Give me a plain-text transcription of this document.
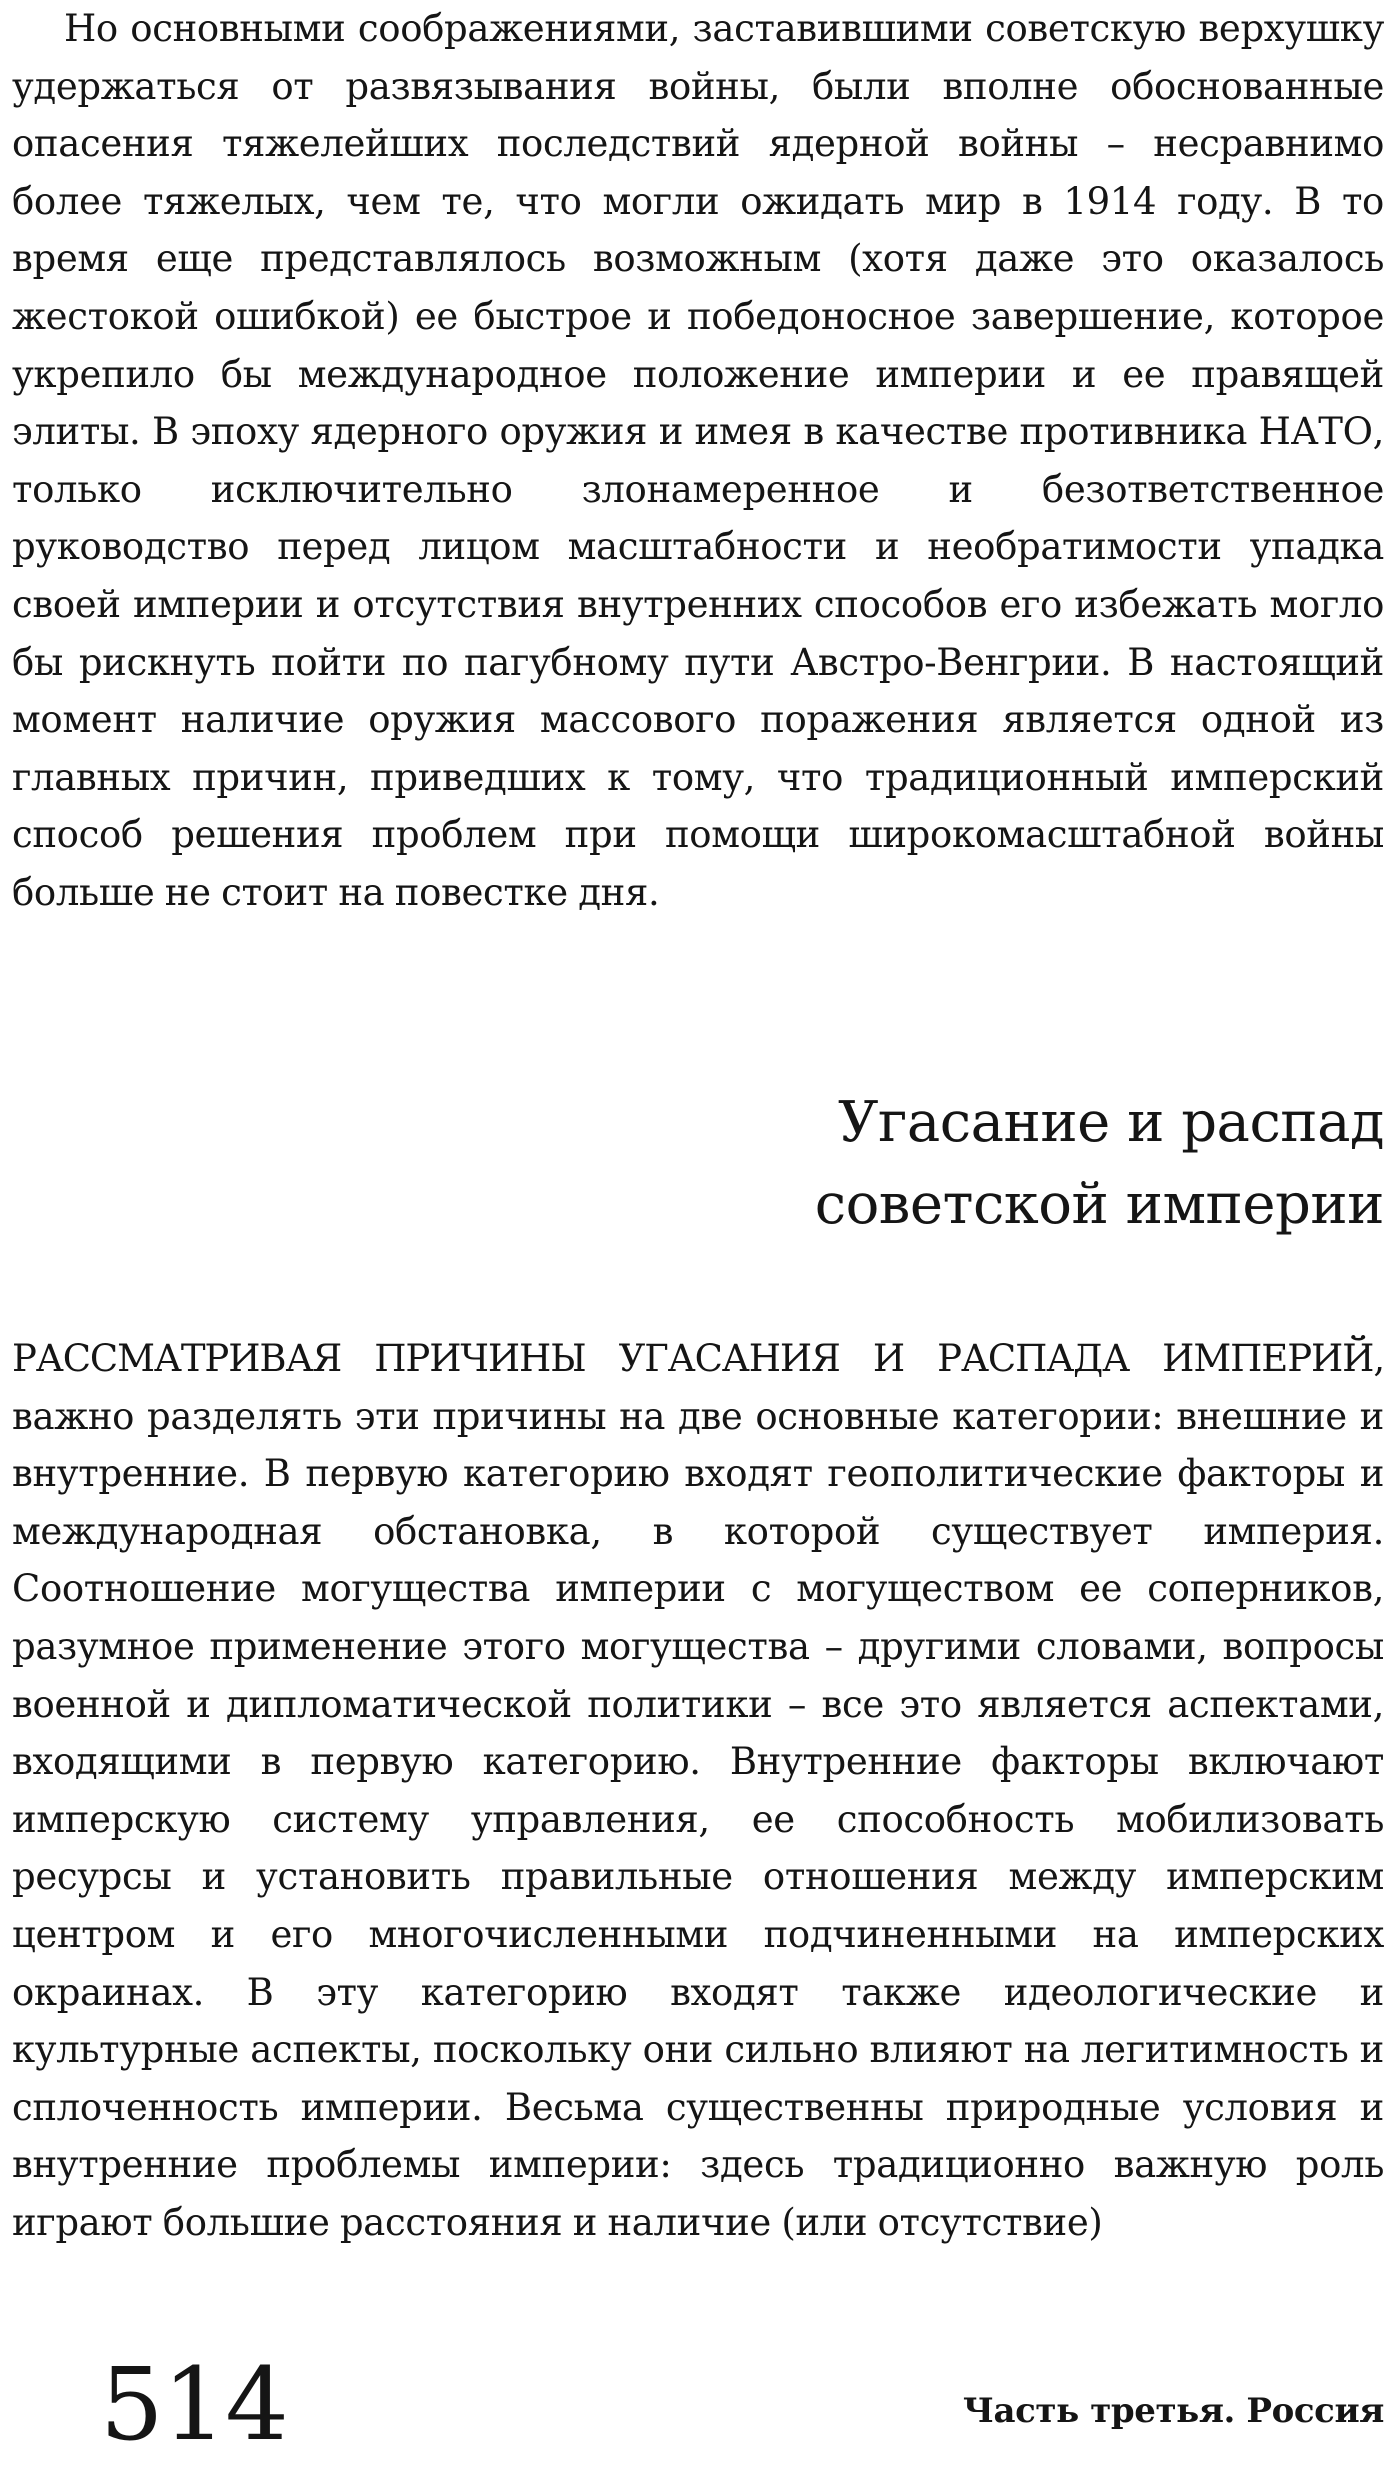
Но основными соображениями, заставившими советскую верхушку удержаться от развязывания войны, были вполне обоснованные опасения тяжелейших последствий ядерной войны – несравнимо более тяжелых, чем те, что могли ожидать мир в 1914 году. В то время еще представлялось возможным (хотя даже это оказалось жестокой ошибкой) ее быстрое и победоносное завершение, которое укрепило бы международное положение империи и ее правящей элиты. В эпоху ядерного оружия и имея в качестве противника НАТО, только исключительно злонамеренное и безответственное руководство перед лицом масштабности и необратимости упадка своей империи и отсутствия внутренних способов его избежать могло бы рискнуть пойти по пагубному пути Австро-Венгрии. В настоящий момент наличие оружия массового поражения является одной из главных причин, приведших к тому, что традиционный имперский способ решения проблем при помощи широкомасштабной войны больше не стоит на повестке дня.

Угасание и распад
советской империи

РАССМАТРИВАЯ ПРИЧИНЫ УГАСАНИЯ И РАСПАДА ИМПЕРИЙ, важно разделять эти причины на две основные категории: внешние и внутренние. В первую категорию входят геополитические факторы и международная обстановка, в которой существует империя. Соотношение могущества империи с могуществом ее соперников, разумное применение этого могущества – другими словами, вопросы военной и дипломатической политики – все это является аспектами, входящими в первую категорию. Внутренние факторы включают имперскую систему управления, ее способность мобилизовать ресурсы и установить правильные отношения между имперским центром и его многочисленными подчиненными на имперских окраинах. В эту категорию входят также идеологические и культурные аспекты, поскольку они сильно влияют на легитимность и сплоченность империи. Весьма существенны природные условия и внутренние проблемы империи: здесь традиционно важную роль играют большие расстояния и наличие (или отсутствие)

514	Часть третья. Россия
